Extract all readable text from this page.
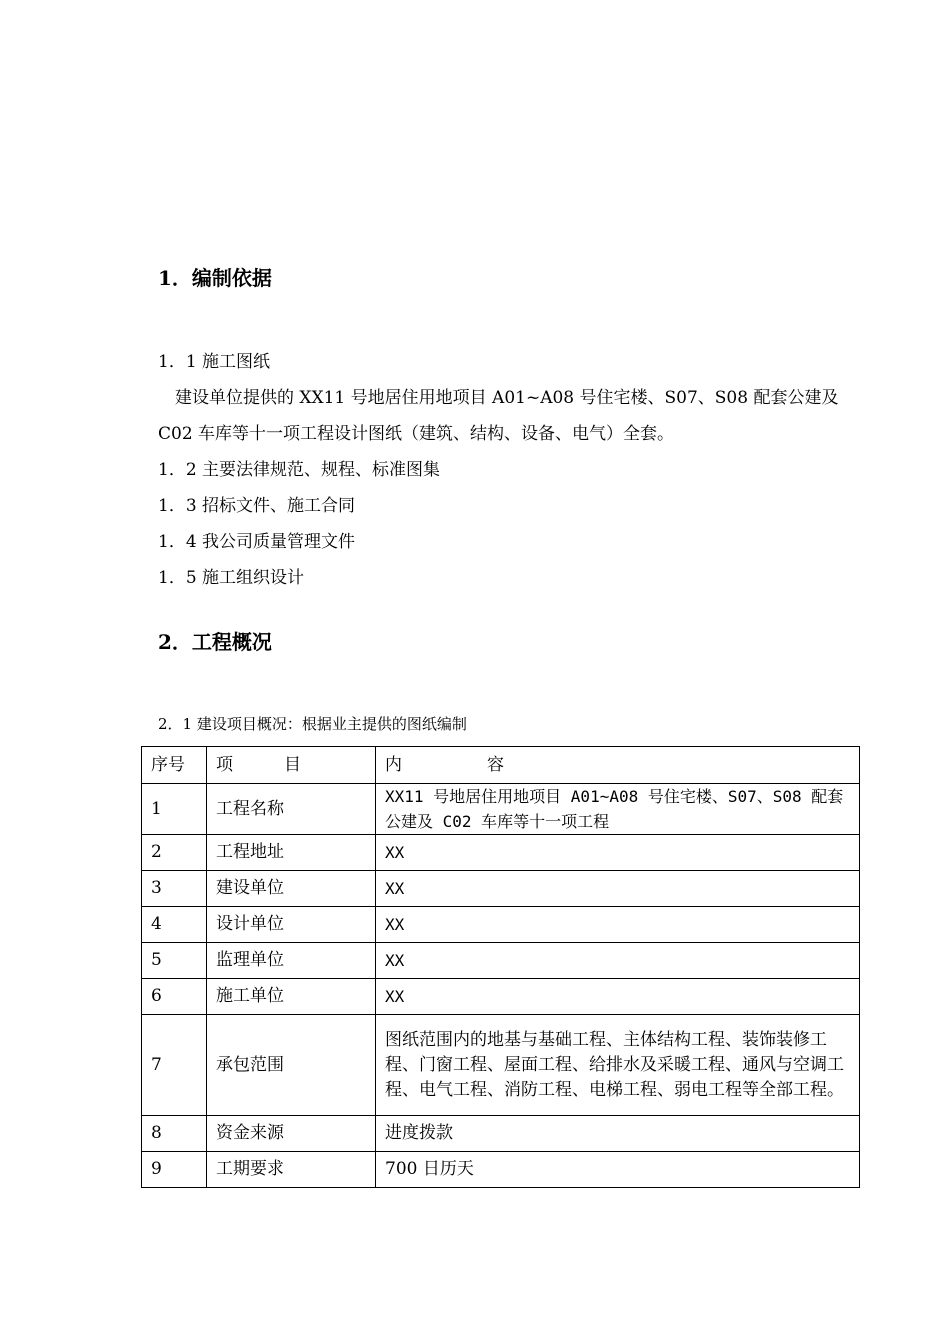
1．编制依据
1．1 施工图纸
建设单位提供的 XX11 号地居住用地项目 A01~A08 号住宅楼、S07、S08 配套公建及 C02 车库等十一项工程设计图纸（建筑、结构、设备、电气）全套。
1．2 主要法律规范、规程、标准图集
1．3 招标文件、施工合同
1．4 我公司质量管理文件
1．5 施工组织设计
2．工程概况
2．1 建设项目概况：根据业主提供的图纸编制
序号	项　　　目	内　　　　　容
1	工程名称	XX11 号地居住用地项目 A01~A08 号住宅楼、S07、S08 配套公建及 C02 车库等十一项工程
2	工程地址	XX
3	建设单位	XX
4	设计单位	XX
5	监理单位	XX
6	施工单位	XX
7	承包范围	图纸范围内的地基与基础工程、主体结构工程、装饰装修工程、门窗工程、屋面工程、给排水及采暖工程、通风与空调工程、电气工程、消防工程、电梯工程、弱电工程等全部工程。
8	资金来源	进度拨款
9	工期要求	700 日历天
